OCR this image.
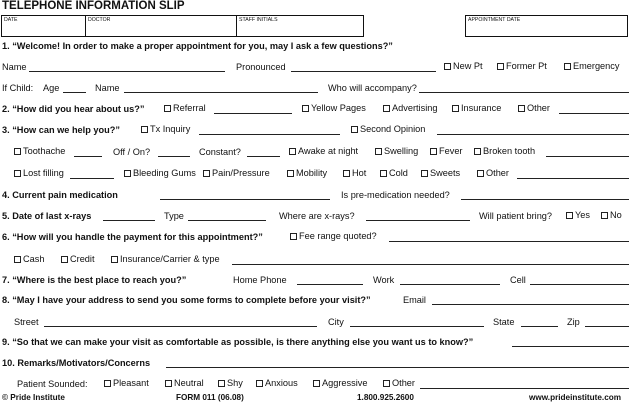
TELEPHONE INFORMATION SLIP
DATE	DOCTOR	STAFF INITIALS	APPOINTMENT DATE
1. “Welcome! In order to make a proper appointment for you, may I ask a few questions?”
Name	Pronounced	New Pt	Former Pt	Emergency
If Child: Age	Name	Who will accompany?
2. “How did you hear about us?”	Referral	Yellow Pages	Advertising	Insurance	Other
3. “How can we help you?”	Tx Inquiry	Second Opinion
Toothache	Off / On?	Constant?	Awake at night	Swelling Fever Broken tooth
Lost filling	Bleeding Gums Pain/Pressure	Mobility	Hot Cold Sweets	Other
4. Current pain medication	Is pre-medication needed?
5. Date of last x-rays	Type	Where are x-rays?	Will patient bring? Yes No
6. “How will you handle the payment for this appointment?”	Fee range quoted?
Cash	Credit	Insurance/Carrier & type
7. “Where is the best place to reach you?”	Home Phone	Work	Cell
8. “May I have your address to send you some forms to complete before your visit?”	Email
Street	City	State	Zip
9. “So that we can make your visit as comfortable as possible, is there anything else you want us to know?”
10. Remarks/Motivators/Concerns
Patient Sounded:	Pleasant	Neutral	Shy Anxious	Aggressive	Other
© Pride Institute	FORM 011 (06.08)	1.800.925.2600	www.prideinstitute.com
